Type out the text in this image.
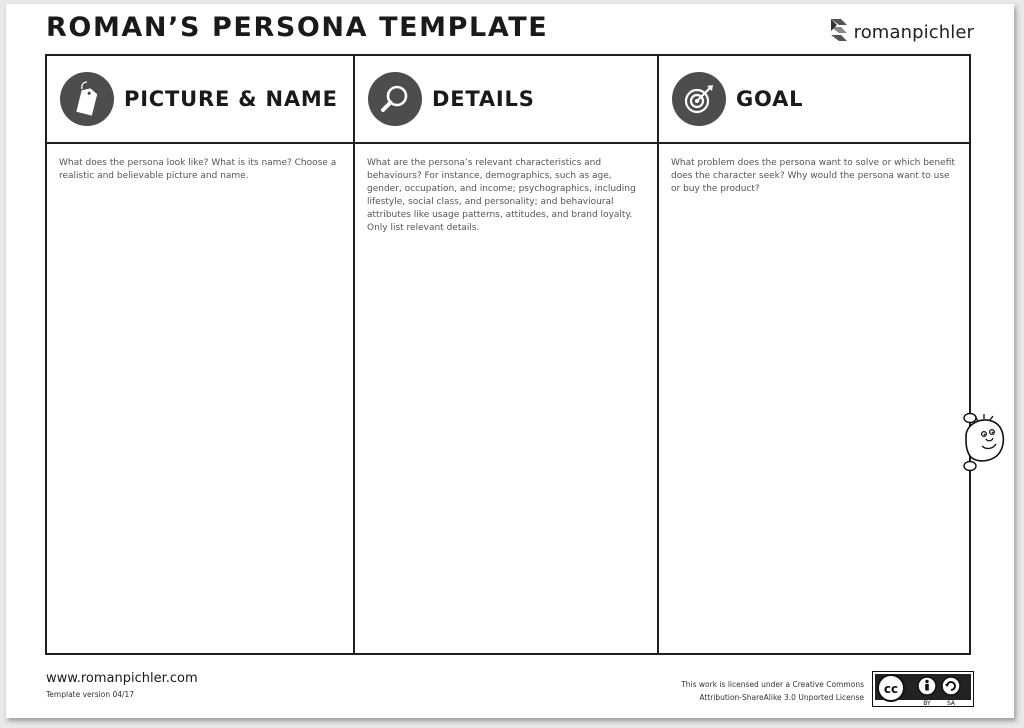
ROMAN’S PERSONA TEMPLATE	romanpichler
PICTURE & NAME
What does the persona look like? What is its name? Choose a realistic and believable picture and name.
DETAILS
What are the persona’s relevant characteristics and behaviours? For instance, demographics, such as age, gender, occupation, and income; psychographics, including lifestyle, social class, and personality; and behavioural attributes like usage patterns, attitudes, and brand loyalty. Only list relevant details.
GOAL
What problem does the persona want to solve or which benefit does the character seek? Why would the persona want to use or buy the product?
www.romanpichler.com
Template version 04/17
This work is licensed under a Creative Commons
Attribution-ShareAlike 3.0 Unported License
cc
BY	SA
